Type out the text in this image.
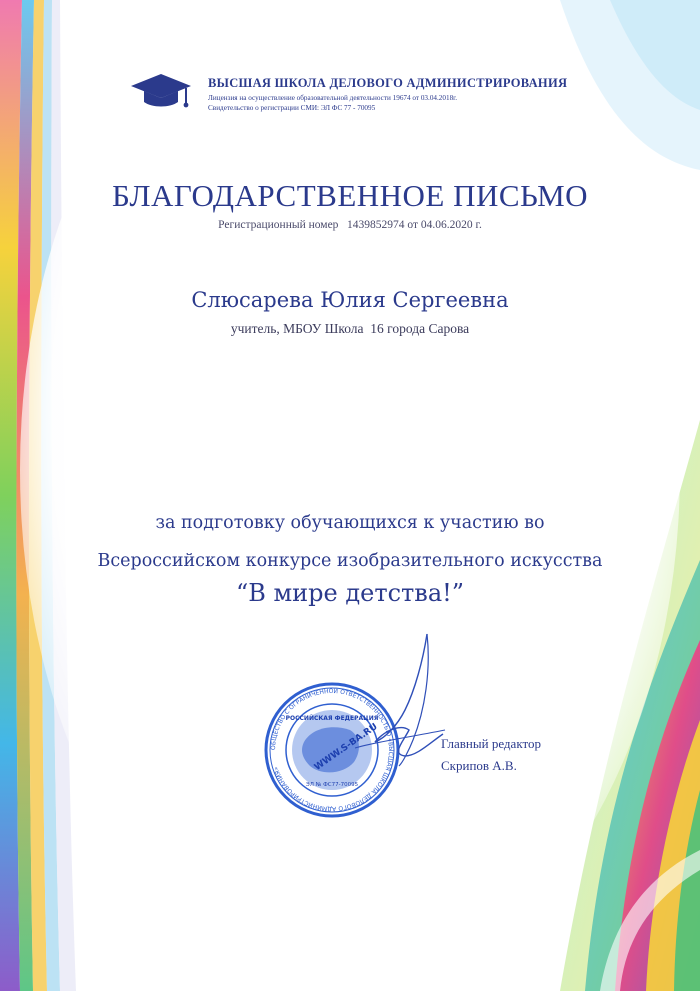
ВЫСШАЯ ШКОЛА ДЕЛОВОГО АДМИНИСТРИРОВАНИЯ
Лицензия на осуществление образовательной деятельности 19674 от 03.04.2018г.
Свидетельство о регистрации СМИ: ЭЛ ФС 77 - 70095
БЛАГОДАРСТВЕННОЕ ПИСЬМО
Регистрационный номер   1439852974 от 04.06.2020 г.
Слюсарева Юлия Сергеевна
учитель, МБОУ Школа  16 города Сарова
за подготовку обучающихся к участию во
Всероссийском конкурсе изобразительного искусства
“В мире детства!”
ОБЩЕСТВО С ОГРАНИЧЕННОЙ ОТВЕТСТВЕННОСТЬЮ «ВЫСШАЯ ШКОЛА ДЕЛОВОГО АДМИНИСТРИРОВАНИЯ»	WWW.S-BA.RU
РОССИЙСКАЯ ФЕДЕРАЦИЯ
ЭЛ № ФС77-70095
Главный редактор
Скрипов А.В.
